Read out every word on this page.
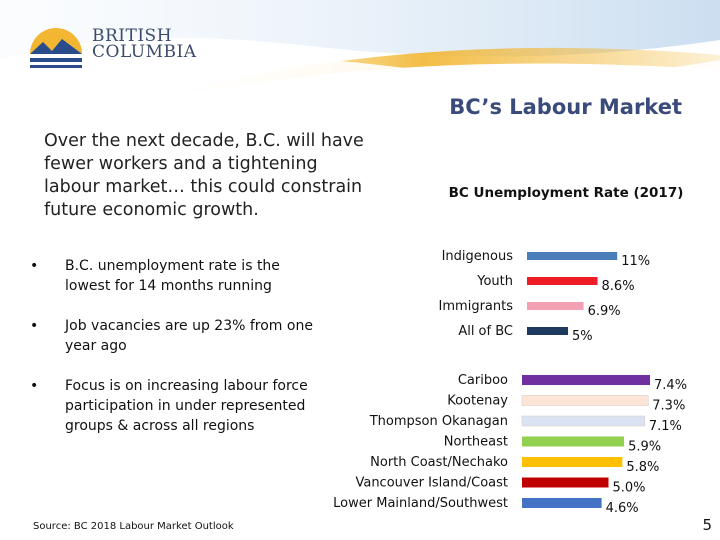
BRITISH
COLUMBIA
BC’s Labour Market
Over the next decade, B.C. will have fewer workers and a tightening labour market… this could constrain future economic growth.
• B.C. unemployment rate is the lowest for 14 months running
• Job vacancies are up 23% from one year ago
• Focus is on increasing labour force participation in under represented groups & across all regions
BC Unemployment Rate (2017)
Indigenous	11%
Youth	8.6%
Immigrants	6.9%
All of BC	5%
Cariboo	7.4%
Kootenay	7.3%
Thompson Okanagan	7.1%
Northeast	5.9%
North Coast/Nechako	5.8%
Vancouver Island/Coast	5.0%
Lower Mainland/Southwest	4.6%
Source: BC 2018 Labour Market Outlook	5
